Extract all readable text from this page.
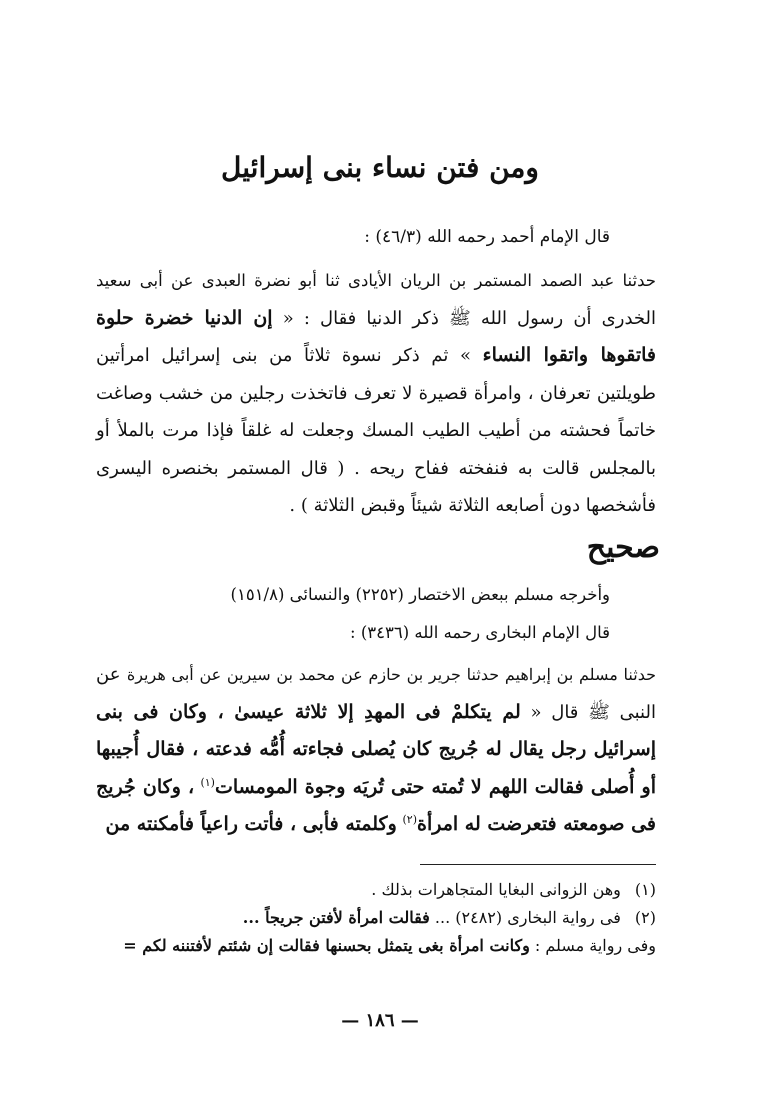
ومن فتن نساء بنى إسرائيل
قال الإمام أحمد رحمه الله (٤٦/٣) :
حدثنا عبد الصمد المستمر بن الريان الأيادى ثنا أبو نضرة العبدى عن أبى سعيد الخدرى أن رسول الله ﷺ ذكر الدنيا فقال : « إن الدنيا خضرة حلوة فاتقوها واتقوا النساء » ثم ذكر نسوة ثلاثاً من بنى إسرائيل امرأتين طويلتين تعرفان ، وامرأة قصيرة لا تعرف فاتخذت رجلين من خشب وصاغت خاتماً فحشته من أطيب الطيب المسك وجعلت له غلقاً فإذا مرت بالملأ أو بالمجلس قالت به فنفخته ففاح ريحه . ( قال المستمر بخنصره اليسرى فأشخصها دون أصابعه الثلاثة شيئاً وقبض الثلاثة ) .
صحيح
وأخرجه مسلم ببعض الاختصار (٢٢٥٢) والنسائى (١٥١/٨)
قال الإمام البخارى رحمه الله (٣٤٣٦) :
حدثنا مسلم بن إبراهيم حدثنا جرير بن حازم عن محمد بن سيرين عن أبى هريرة عن النبى ﷺ قال « لم يتكلمْ فى المهدِ إلا ثلاثة عيسىٰ ، وكان فى بنى إسرائيل رجل يقال له جُريج كان يُصلى فجاءته أُمُّه فدعته ، فقال أُجيبها أو أُصلى فقالت اللهم لا تُمته حتى تُريَه وجوة المومسات$^{(١)}$ ، وكان جُريج فى صومعته فتعرضت له امرأة$^{(٢)}$ وكلمته فأبى ، فأتت راعياً فأمكنته من
(١)وهن الزوانى البغايا المتجاهرات بذلك .
(٢)فى رواية البخارى (٢٤٨٢) ... فقالت امرأة لأفتن جريجاً ...
وفى رواية مسلم : وكانت امرأة بغى يتمثل بحسنها فقالت إن شئتم لأفتننه لكم =
— ١٨٦ —
